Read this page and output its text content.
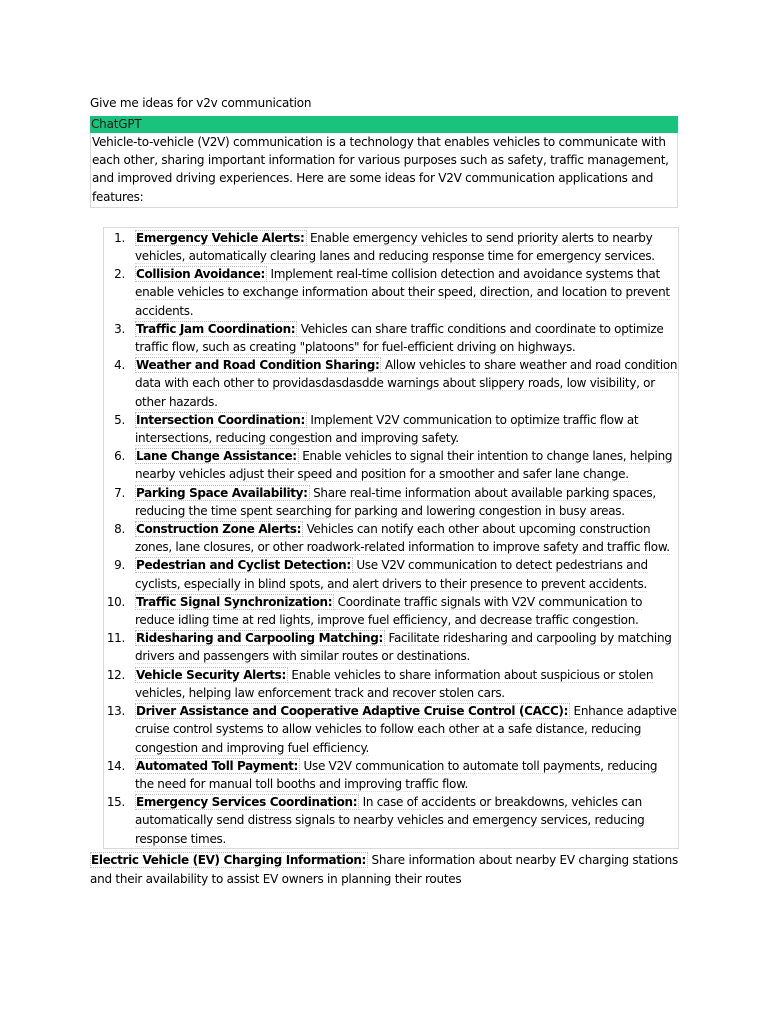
Give me ideas for v2v communication
ChatGPT
Vehicle-to-vehicle (V2V) communication is a technology that enables vehicles to communicate with each other, sharing important information for various purposes such as safety, traffic management, and improved driving experiences. Here are some ideas for V2V communication applications and features:
1. Emergency Vehicle Alerts: Enable emergency vehicles to send priority alerts to nearby vehicles, automatically clearing lanes and reducing response time for emergency services.
2. Collision Avoidance: Implement real-time collision detection and avoidance systems that enable vehicles to exchange information about their speed, direction, and location to prevent accidents.
3. Traffic Jam Coordination: Vehicles can share traffic conditions and coordinate to optimize traffic flow, such as creating "platoons" for fuel-efficient driving on highways.
4. Weather and Road Condition Sharing: Allow vehicles to share weather and road condition data with each other to providasdasdasdde warnings about slippery roads, low visibility, or other hazards.
5. Intersection Coordination: Implement V2V communication to optimize traffic flow at intersections, reducing congestion and improving safety.
6. Lane Change Assistance: Enable vehicles to signal their intention to change lanes, helping nearby vehicles adjust their speed and position for a smoother and safer lane change.
7. Parking Space Availability: Share real-time information about available parking spaces, reducing the time spent searching for parking and lowering congestion in busy areas.
8. Construction Zone Alerts: Vehicles can notify each other about upcoming construction zones, lane closures, or other roadwork-related information to improve safety and traffic flow.
9. Pedestrian and Cyclist Detection: Use V2V communication to detect pedestrians and cyclists, especially in blind spots, and alert drivers to their presence to prevent accidents.
10. Traffic Signal Synchronization: Coordinate traffic signals with V2V communication to reduce idling time at red lights, improve fuel efficiency, and decrease traffic congestion.
11. Ridesharing and Carpooling Matching: Facilitate ridesharing and carpooling by matching drivers and passengers with similar routes or destinations.
12. Vehicle Security Alerts: Enable vehicles to share information about suspicious or stolen vehicles, helping law enforcement track and recover stolen cars.
13. Driver Assistance and Cooperative Adaptive Cruise Control (CACC): Enhance adaptive cruise control systems to allow vehicles to follow each other at a safe distance, reducing congestion and improving fuel efficiency.
14. Automated Toll Payment: Use V2V communication to automate toll payments, reducing the need for manual toll booths and improving traffic flow.
15. Emergency Services Coordination: In case of accidents or breakdowns, vehicles can automatically send distress signals to nearby vehicles and emergency services, reducing response times.
Electric Vehicle (EV) Charging Information: Share information about nearby EV charging stations and their availability to assist EV owners in planning their routes
